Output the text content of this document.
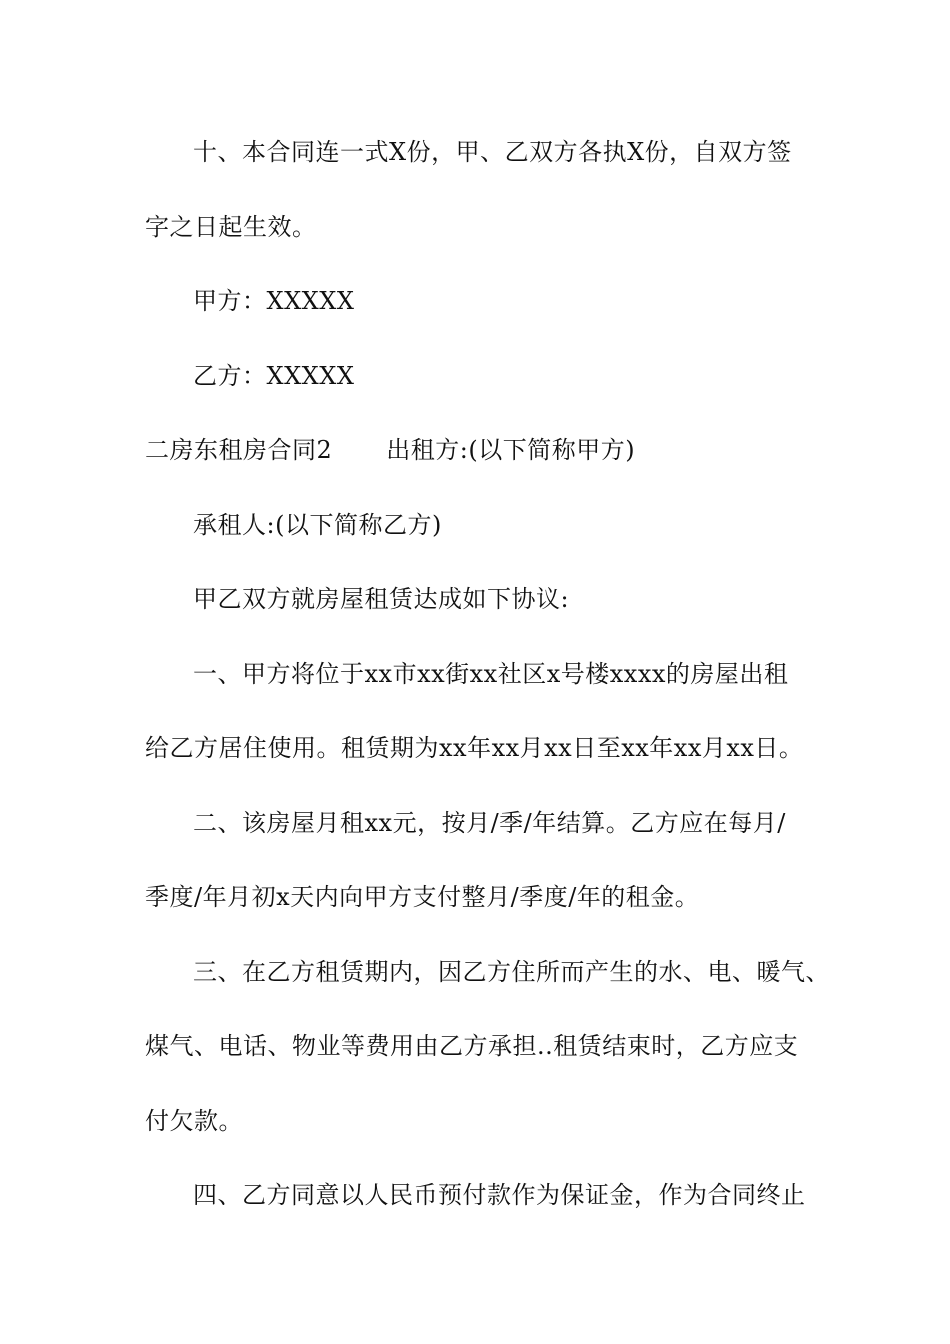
十、本合同连一式X份，甲、乙双方各执X份，自双方签
字之日起生效。
甲方：XXXXX
乙方：XXXXX
二房东租房合同2 出租方:(以下简称甲方)
承租人:(以下简称乙方)
甲乙双方就房屋租赁达成如下协议:
一、甲方将位于xx市xx街xx社区x号楼xxxx的房屋出租
给乙方居住使用。租赁期为xx年xx月xx日至xx年xx月xx日。
二、该房屋月租xx元，按月/季/年结算。乙方应在每月/
季度/年月初x天内向甲方支付整月/季度/年的租金。
三、在乙方租赁期内，因乙方住所而产生的水、电、暖气、
煤气、电话、物业等费用由乙方承担..租赁结束时，乙方应支
付欠款。
四、乙方同意以人民币预付款作为保证金，作为合同终止
